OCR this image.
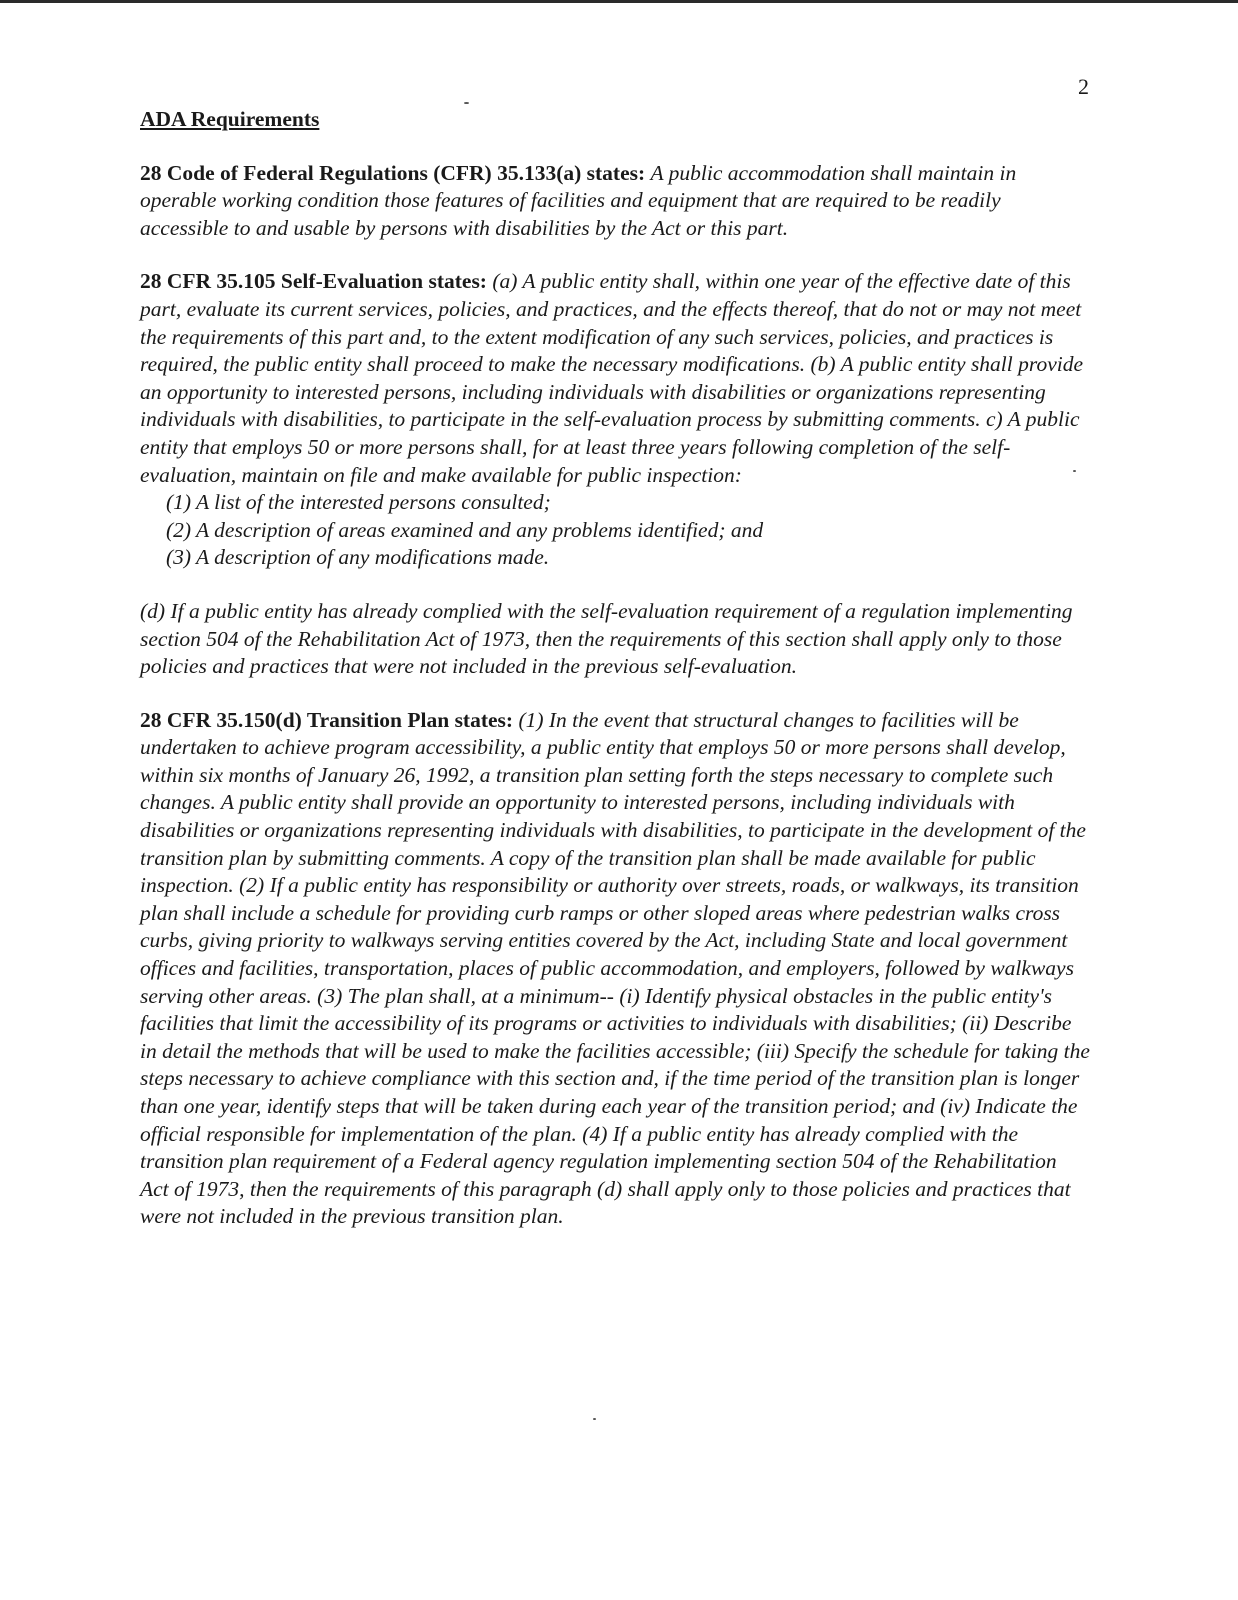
2
ADA Requirements
28 Code of Federal Regulations (CFR) 35.133(a) states: A public accommodation shall maintain in operable working condition those features of facilities and equipment that are required to be readily accessible to and usable by persons with disabilities by the Act or this part.
28 CFR 35.105 Self-Evaluation states: (a) A public entity shall, within one year of the effective date of this part, evaluate its current services, policies, and practices, and the effects thereof, that do not or may not meet the requirements of this part and, to the extent modification of any such services, policies, and practices is required, the public entity shall proceed to make the necessary modifications. (b) A public entity shall provide an opportunity to interested persons, including individuals with disabilities or organizations representing individuals with disabilities, to participate in the self-evaluation process by submitting comments. c) A public entity that employs 50 or more persons shall, for at least three years following completion of the self-evaluation, maintain on file and make available for public inspection:
(1) A list of the interested persons consulted;
(2) A description of areas examined and any problems identified; and
(3) A description of any modifications made.
(d) If a public entity has already complied with the self-evaluation requirement of a regulation implementing section 504 of the Rehabilitation Act of 1973, then the requirements of this section shall apply only to those policies and practices that were not included in the previous self-evaluation.
28 CFR 35.150(d) Transition Plan states: (1) In the event that structural changes to facilities will be undertaken to achieve program accessibility, a public entity that employs 50 or more persons shall develop, within six months of January 26, 1992, a transition plan setting forth the steps necessary to complete such changes. A public entity shall provide an opportunity to interested persons, including individuals with disabilities or organizations representing individuals with disabilities, to participate in the development of the transition plan by submitting comments. A copy of the transition plan shall be made available for public inspection. (2) If a public entity has responsibility or authority over streets, roads, or walkways, its transition plan shall include a schedule for providing curb ramps or other sloped areas where pedestrian walks cross curbs, giving priority to walkways serving entities covered by the Act, including State and local government offices and facilities, transportation, places of public accommodation, and employers, followed by walkways serving other areas. (3) The plan shall, at a minimum-- (i) Identify physical obstacles in the public entity's facilities that limit the accessibility of its programs or activities to individuals with disabilities; (ii) Describe in detail the methods that will be used to make the facilities accessible; (iii) Specify the schedule for taking the steps necessary to achieve compliance with this section and, if the time period of the transition plan is longer than one year, identify steps that will be taken during each year of the transition period; and (iv) Indicate the official responsible for implementation of the plan. (4) If a public entity has already complied with the transition plan requirement of a Federal agency regulation implementing section 504 of the Rehabilitation Act of 1973, then the requirements of this paragraph (d) shall apply only to those policies and practices that were not included in the previous transition plan.
